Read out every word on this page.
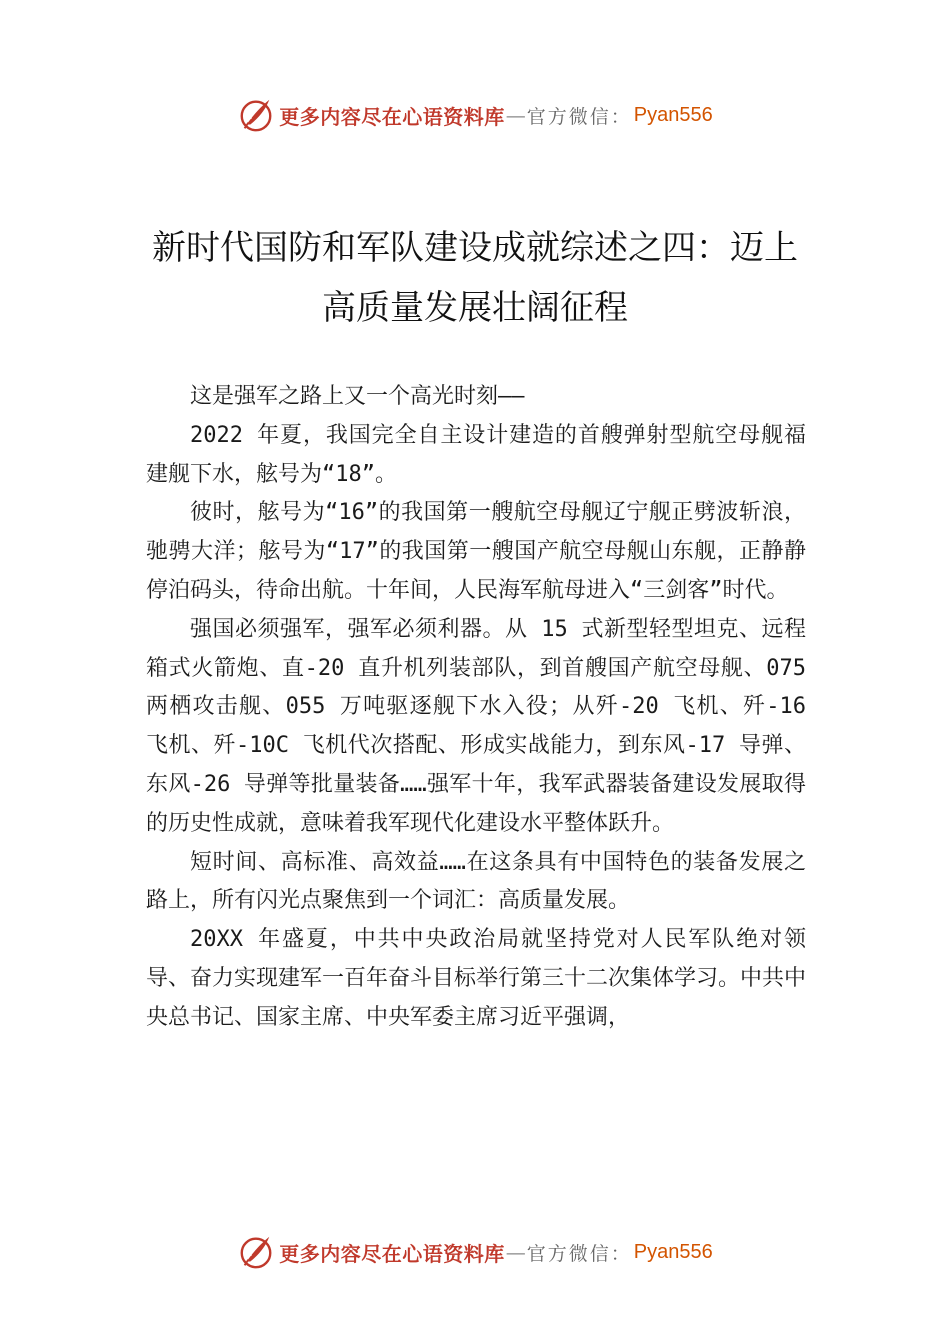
更多内容尽在心语资料库 — 官方微信： Pyan556
新时代国防和军队建设成就综述之四：迈上高质量发展壮阔征程

这是强军之路上又一个高光时刻——

2022 年夏，我国完全自主设计建造的首艘弹射型航空母舰福建舰下水，舷号为“18”。

彼时，舷号为“16”的我国第一艘航空母舰辽宁舰正劈波斩浪，驰骋大洋；舷号为“17”的我国第一艘国产航空母舰山东舰，正静静停泊码头，待命出航。十年间，人民海军航母进入“三剑客”时代。

强国必须强军，强军必须利器。从 15 式新型轻型坦克、远程箱式火箭炮、直-20 直升机列装部队，到首艘国产航空母舰、075 两栖攻击舰、055 万吨驱逐舰下水入役；从歼-20 飞机、歼-16 飞机、歼-10C 飞机代次搭配、形成实战能力，到东风-17 导弹、东风-26 导弹等批量装备……强军十年，我军武器装备建设发展取得的历史性成就，意味着我军现代化建设水平整体跃升。

短时间、高标准、高效益……在这条具有中国特色的装备发展之路上，所有闪光点聚焦到一个词汇：高质量发展。

20XX 年盛夏，中共中央政治局就坚持党对人民军队绝对领导、奋力实现建军一百年奋斗目标举行第三十二次集体学习。中共中央总书记、国家主席、中央军委主席习近平强调，

更多内容尽在心语资料库 — 官方微信： Pyan556
